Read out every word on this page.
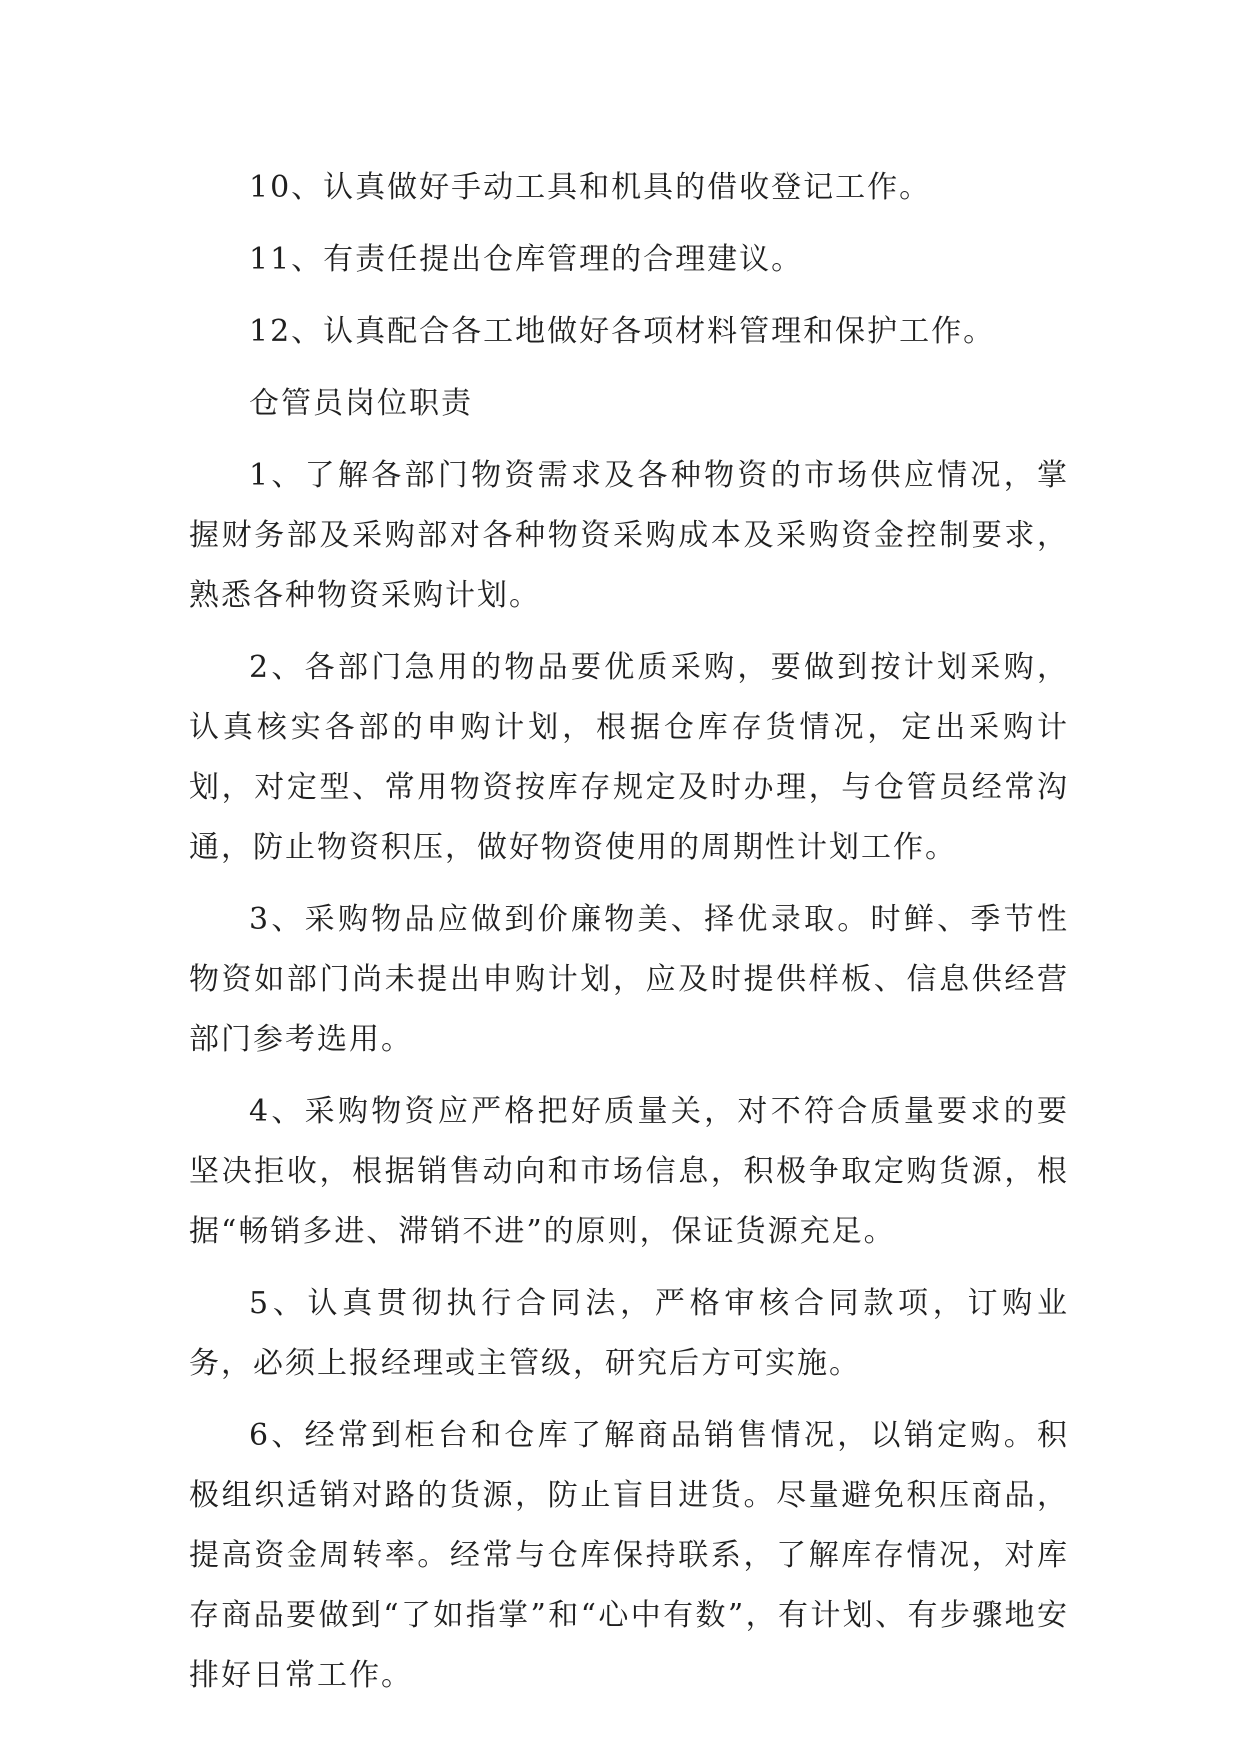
10、认真做好手动工具和机具的借收登记工作。

11、有责任提出仓库管理的合理建议。

12、认真配合各工地做好各项材料管理和保护工作。

仓管员岗位职责

1、了解各部门物资需求及各种物资的市场供应情况，掌握财务部及采购部对各种物资采购成本及采购资金控制要求，熟悉各种物资采购计划。

2、各部门急用的物品要优质采购，要做到按计划采购，认真核实各部的申购计划，根据仓库存货情况，定出采购计划，对定型、常用物资按库存规定及时办理，与仓管员经常沟通，防止物资积压，做好物资使用的周期性计划工作。

3、采购物品应做到价廉物美、择优录取。时鲜、季节性物资如部门尚未提出申购计划，应及时提供样板、信息供经营部门参考选用。

4、采购物资应严格把好质量关，对不符合质量要求的要坚决拒收，根据销售动向和市场信息，积极争取定购货源，根据“畅销多进、滞销不进”的原则，保证货源充足。

5、认真贯彻执行合同法，严格审核合同款项，订购业务，必须上报经理或主管级，研究后方可实施。

6、经常到柜台和仓库了解商品销售情况，以销定购。积极组织适销对路的货源，防止盲目进货。尽量避免积压商品，提高资金周转率。经常与仓库保持联系，了解库存情况，对库存商品要做到“了如指掌”和“心中有数”，有计划、有步骤地安排好日常工作。
